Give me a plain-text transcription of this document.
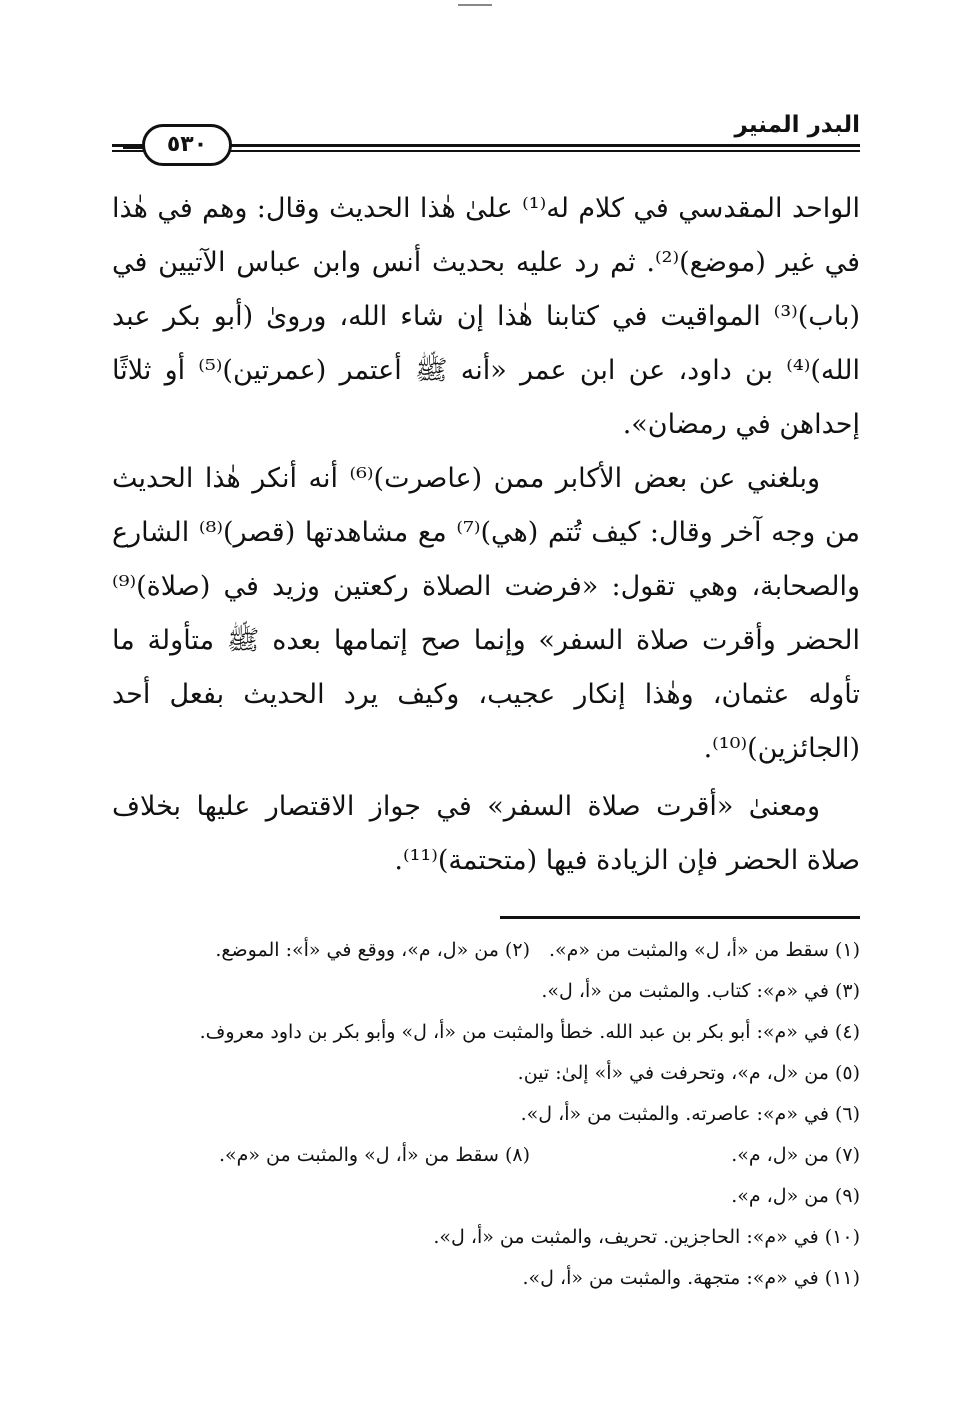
البدر المنير
٥٣٠

الواحد المقدسي في كلام له⁽¹⁾ علىٰ هٰذا الحديث وقال: وهم في هٰذا في غير (موضع)⁽²⁾. ثم رد عليه بحديث أنس وابن عباس الآتيين في (باب)⁽³⁾ المواقيت في كتابنا هٰذا إن شاء الله، وروىٰ (أبو بكر عبد الله)⁽⁴⁾ بن داود، عن ابن عمر «أنه ﷺ أعتمر (عمرتين)⁽⁵⁾ أو ثلاثًا إحداهن في رمضان».

وبلغني عن بعض الأكابر ممن (عاصرت)⁽⁶⁾ أنه أنكر هٰذا الحديث من وجه آخر وقال: كيف تُتم (هي)⁽⁷⁾ مع مشاهدتها (قصر)⁽⁸⁾ الشارع والصحابة، وهي تقول: «فرضت الصلاة ركعتين وزيد في (صلاة)⁽⁹⁾ الحضر وأقرت صلاة السفر» وإنما صح إتمامها بعده ﷺ متأولة ما تأوله عثمان، وهٰذا إنكار عجيب، وكيف يرد الحديث بفعل أحد (الجائزين)⁽¹⁰⁾.

ومعنىٰ «أقرت صلاة السفر» في جواز الاقتصار عليها بخلاف صلاة الحضر فإن الزيادة فيها (متحتمة)⁽¹¹⁾.

(١) سقط من «أ، ل» والمثبت من «م».(٢) من «ل، م»، ووقع في «أ»: الموضع.
(٣) في «م»: كتاب. والمثبت من «أ، ل».
(٤) في «م»: أبو بكر بن عبد الله. خطأ والمثبت من «أ، ل» وأبو بكر بن داود معروف.
(٥) من «ل، م»، وتحرفت في «أ» إلىٰ: تين.
(٦) في «م»: عاصرته. والمثبت من «أ، ل».
(٧) من «ل، م».(٨) سقط من «أ، ل» والمثبت من «م».
(٩) من «ل، م».
(١٠) في «م»: الحاجزين. تحريف، والمثبت من «أ، ل».
(١١) في «م»: متجهة. والمثبت من «أ، ل».
